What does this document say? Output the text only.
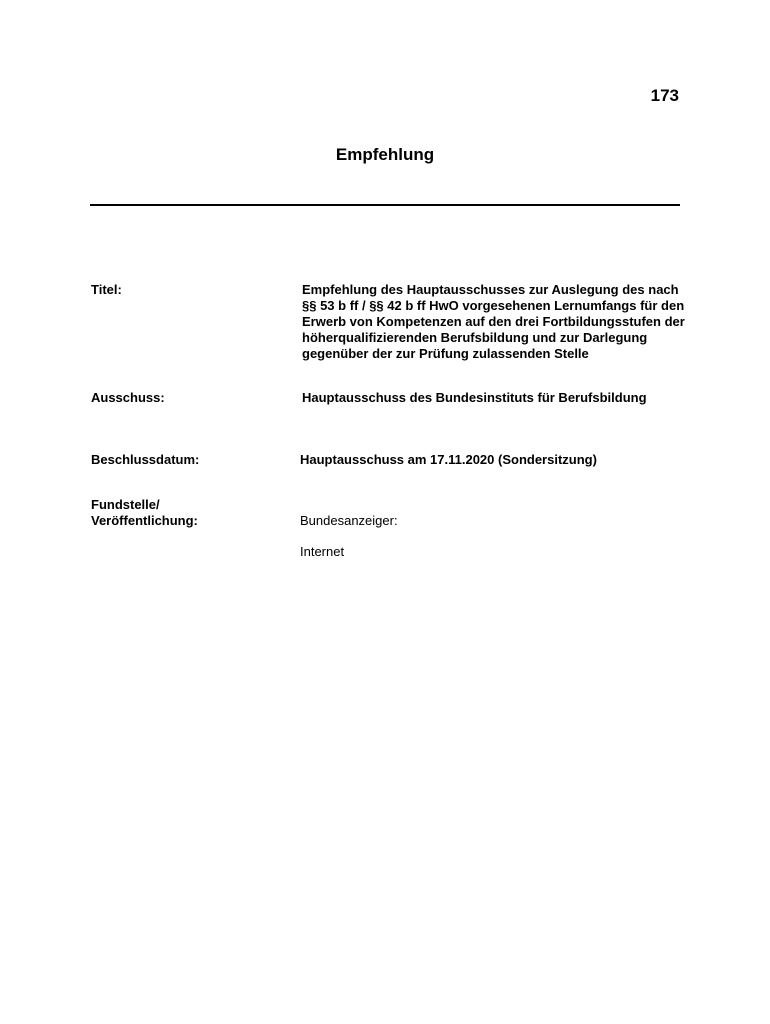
173
Empfehlung
Titel:	Empfehlung des Hauptausschusses zur Auslegung des nach §§ 53 b ff / §§ 42 b ff HwO vorgesehenen Lernumfangs für den Erwerb von Kompetenzen auf den drei Fortbildungsstufen der höherqualifizierenden Berufsbildung und zur Darlegung gegenüber der zur Prüfung zulassenden Stelle
Ausschuss:	Hauptausschuss des Bundesinstituts für Berufsbildung
Beschlussdatum:	Hauptausschuss am 17.11.2020 (Sondersitzung)
Fundstelle/
Veröffentlichung:	Bundesanzeiger:
Internet
